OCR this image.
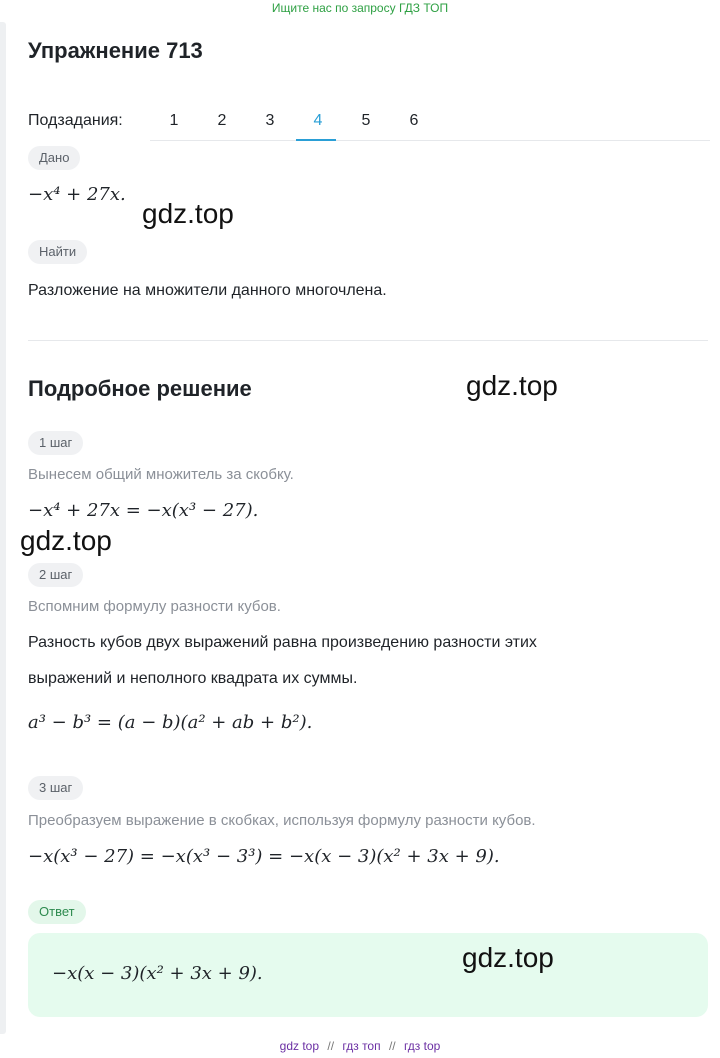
Ищите нас по запросу ГДЗ ТОП
Упражнение 713
Подзадания:	1	2	3	4	5	6
Дано
−x⁴ + 27x.
Найти
Разложение на множители данного многочлена.
Подробное решение
1 шаг
Вынесем общий множитель за скобку.
−x⁴ + 27x = −x(x³ − 27).
2 шаг
Вспомним формулу разности кубов.
Разность кубов двух выражений равна произведению разности этих
выражений и неполного квадрата их суммы.
a³ − b³ = (a − b)(a² + ab + b²).
3 шаг
Преобразуем выражение в скобках, используя формулу разности кубов.
−x(x³ − 27) = −x(x³ − 3³) = −x(x − 3)(x² + 3x + 9).
Ответ
−x(x − 3)(x² + 3x + 9).
gdz.top
gdz.top
gdz.top
gdz.top
gdz top // гдз топ // гдз top
